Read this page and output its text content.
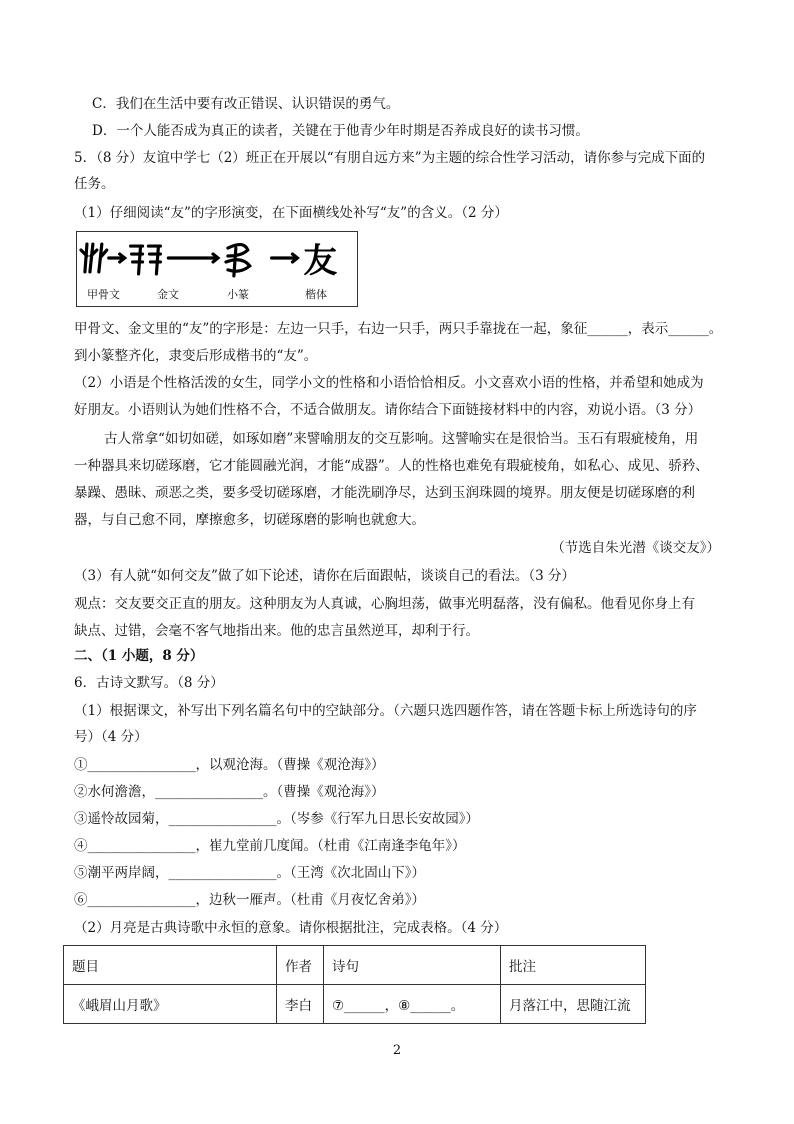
C．我们在生活中要有改正错误、认识错误的勇气。
D．一个人能否成为真正的读者，关键在于他青少年时期是否养成良好的读书习惯。
5．（8 分）友谊中学七（2）班正在开展以“有朋自远方来”为主题的综合性学习活动，请你参与完成下面的
任务。
（1）仔细阅读“友”的字形演变，在下面横线处补写“友”的含义。（2 分）
友
甲骨文	金文	小篆	楷体
甲骨文、金文里的“友”的字形是：左边一只手，右边一只手，两只手靠拢在一起，象征______，表示______。
到小篆整齐化，隶变后形成楷书的“友”。
（2）小语是个性格活泼的女生，同学小文的性格和小语恰恰相反。小文喜欢小语的性格，并希望和她成为
好朋友。小语则认为她们性格不合，不适合做朋友。请你结合下面链接材料中的内容，劝说小语。（3 分）
古人常拿“如切如磋，如琢如磨”来譬喻朋友的交互影响。这譬喻实在是很恰当。玉石有瑕疵棱角，用
一种器具来切磋琢磨，它才能圆融光润，才能“成器”。人的性格也难免有瑕疵棱角，如私心、成见、骄矜、
暴躁、愚昧、顽恶之类，要多受切磋琢磨，才能洗刷净尽，达到玉润珠圆的境界。朋友便是切磋琢磨的利
器，与自己愈不同，摩擦愈多，切磋琢磨的影响也就愈大。
（节选自朱光潜《谈交友》）
（3）有人就“如何交友”做了如下论述，请你在后面跟帖，谈谈自己的看法。（3 分）
观点：交友要交正直的朋友。这种朋友为人真诚，心胸坦荡，做事光明磊落，没有偏私。他看见你身上有
缺点、过错，会毫不客气地指出来。他的忠言虽然逆耳，却利于行。
二、（1 小题，8 分）
6．古诗文默写。（8 分）
（1）根据课文，补写出下列名篇名句中的空缺部分。（六题只选四题作答，请在答题卡标上所选诗句的序
号）（4 分）
①________________，以观沧海。（曹操《观沧海》）
②水何澹澹，________________。（曹操《观沧海》）
③遥怜故园菊，________________。（岑参《行军九日思长安故园》）
④________________，崔九堂前几度闻。（杜甫《江南逢李龟年》）
⑤潮平两岸阔，________________。（王湾《次北固山下》）
⑥________________，边秋一雁声。（杜甫《月夜忆舍弟》）
（2）月亮是古典诗歌中永恒的意象。请你根据批注，完成表格。（4 分）
题目	作者	诗句	批注
《峨眉山月歌》	李白	⑦______，⑧______。	月落江中，思随江流
2
